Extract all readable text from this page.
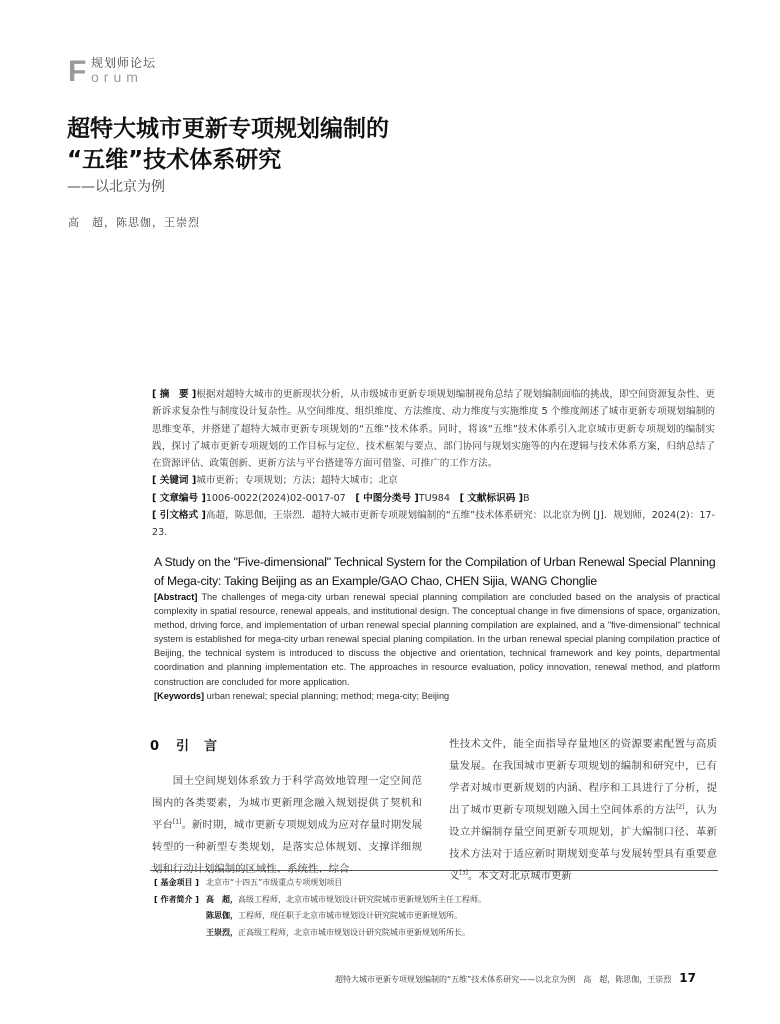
F 规划师论坛
orum
超特大城市更新专项规划编制的
“五维”技术体系研究
——以北京为例
高　超，陈思伽，王崇烈

[ 摘　要 ]根据对超特大城市的更新现状分析，从市级城市更新专项规划编制视角总结了规划编制面临的挑战，即空间资源复杂性、更新诉求复杂性与制度设计复杂性。从空间维度、组织维度、方法维度、动力维度与实施维度 5 个维度阐述了城市更新专项规划编制的思维变革，并搭建了超特大城市更新专项规划的“五维”技术体系。同时，将该“五维”技术体系引入北京城市更新专项规划的编制实践，探讨了城市更新专项规划的工作目标与定位、技术框架与要点、部门协同与规划实施等的内在逻辑与技术体系方案，归纳总结了在资源评估、政策创新、更新方法与平台搭建等方面可借鉴、可推广的工作方法。

[ 关键词 ]城市更新；专项规划；方法；超特大城市；北京

[ 文章编号 ]1006-0022(2024)02-0017-07　 [ 中图分类号 ]TU984　 [ 文献标识码 ]B

[ 引文格式 ]高超，陈思伽，王崇烈．超特大城市更新专项规划编制的“五维”技术体系研究：以北京为例 [J]．规划师，2024(2)：17-23.

A Study on the "Five-dimensional" Technical System for the Compilation of Urban Renewal Special Planning of Mega-city: Taking Beijing as an Example/GAO Chao, CHEN Sijia, WANG Chonglie

[Abstract] The challenges of mega-city urban renewal special planning compilation are concluded based on the analysis of practical complexity in spatial resource, renewal appeals, and institutional design. The conceptual change in five dimensions of space, organization, method, driving force, and implementation of urban renewal special planning compilation are explained, and a "five-dimensional" technical system is established for mega-city urban renewal special planing compilation. In the urban renewal special planing compilation practice of Beijing, the technical system is introduced to discuss the objective and orientation, technical framework and key points, departmental coordination and planning implementation etc. The approaches in resource evaluation, policy innovation, renewal method, and platform construction are concluded for more application.

[Keywords] urban renewal; special planning; method; mega-city; Beijing

0 引　言

国土空间规划体系致力于科学高效地管理一定空间范围内的各类要素，为城市更新理念融入规划提供了契机和平台[1]。新时期，城市更新专项规划成为应对存量时期发展转型的一种新型专类规划，是落实总体规划、支撑详细规划和行动计划编制的区域性、系统性、综合

性技术文件，能全面指导存量地区的资源要素配置与高质量发展。在我国城市更新专项规划的编制和研究中，已有学者对城市更新规划的内涵、程序和工具进行了分析，提出了城市更新专项规划融入国土空间体系的方法[2]，认为设立并编制存量空间更新专项规划，扩大编制口径、革新技术方法对于适应新时期规划变革与发展转型具有重要意义[3]。本文对北京城市更新

[ 基金项目 ] 北京市“十四五”市级重点专项规划项目
[ 作者简介 ] 高　超，高级工程师，北京市城市规划设计研究院城市更新规划所主任工程师。
陈思伽，工程师，现任职于北京市城市规划设计研究院城市更新规划所。
王崇烈，正高级工程师，北京市城市规划设计研究院城市更新规划所所长。
超特大城市更新专项规划编制的“五维”技术体系研究——以北京为例　高　超，陈思伽，王崇烈 17
